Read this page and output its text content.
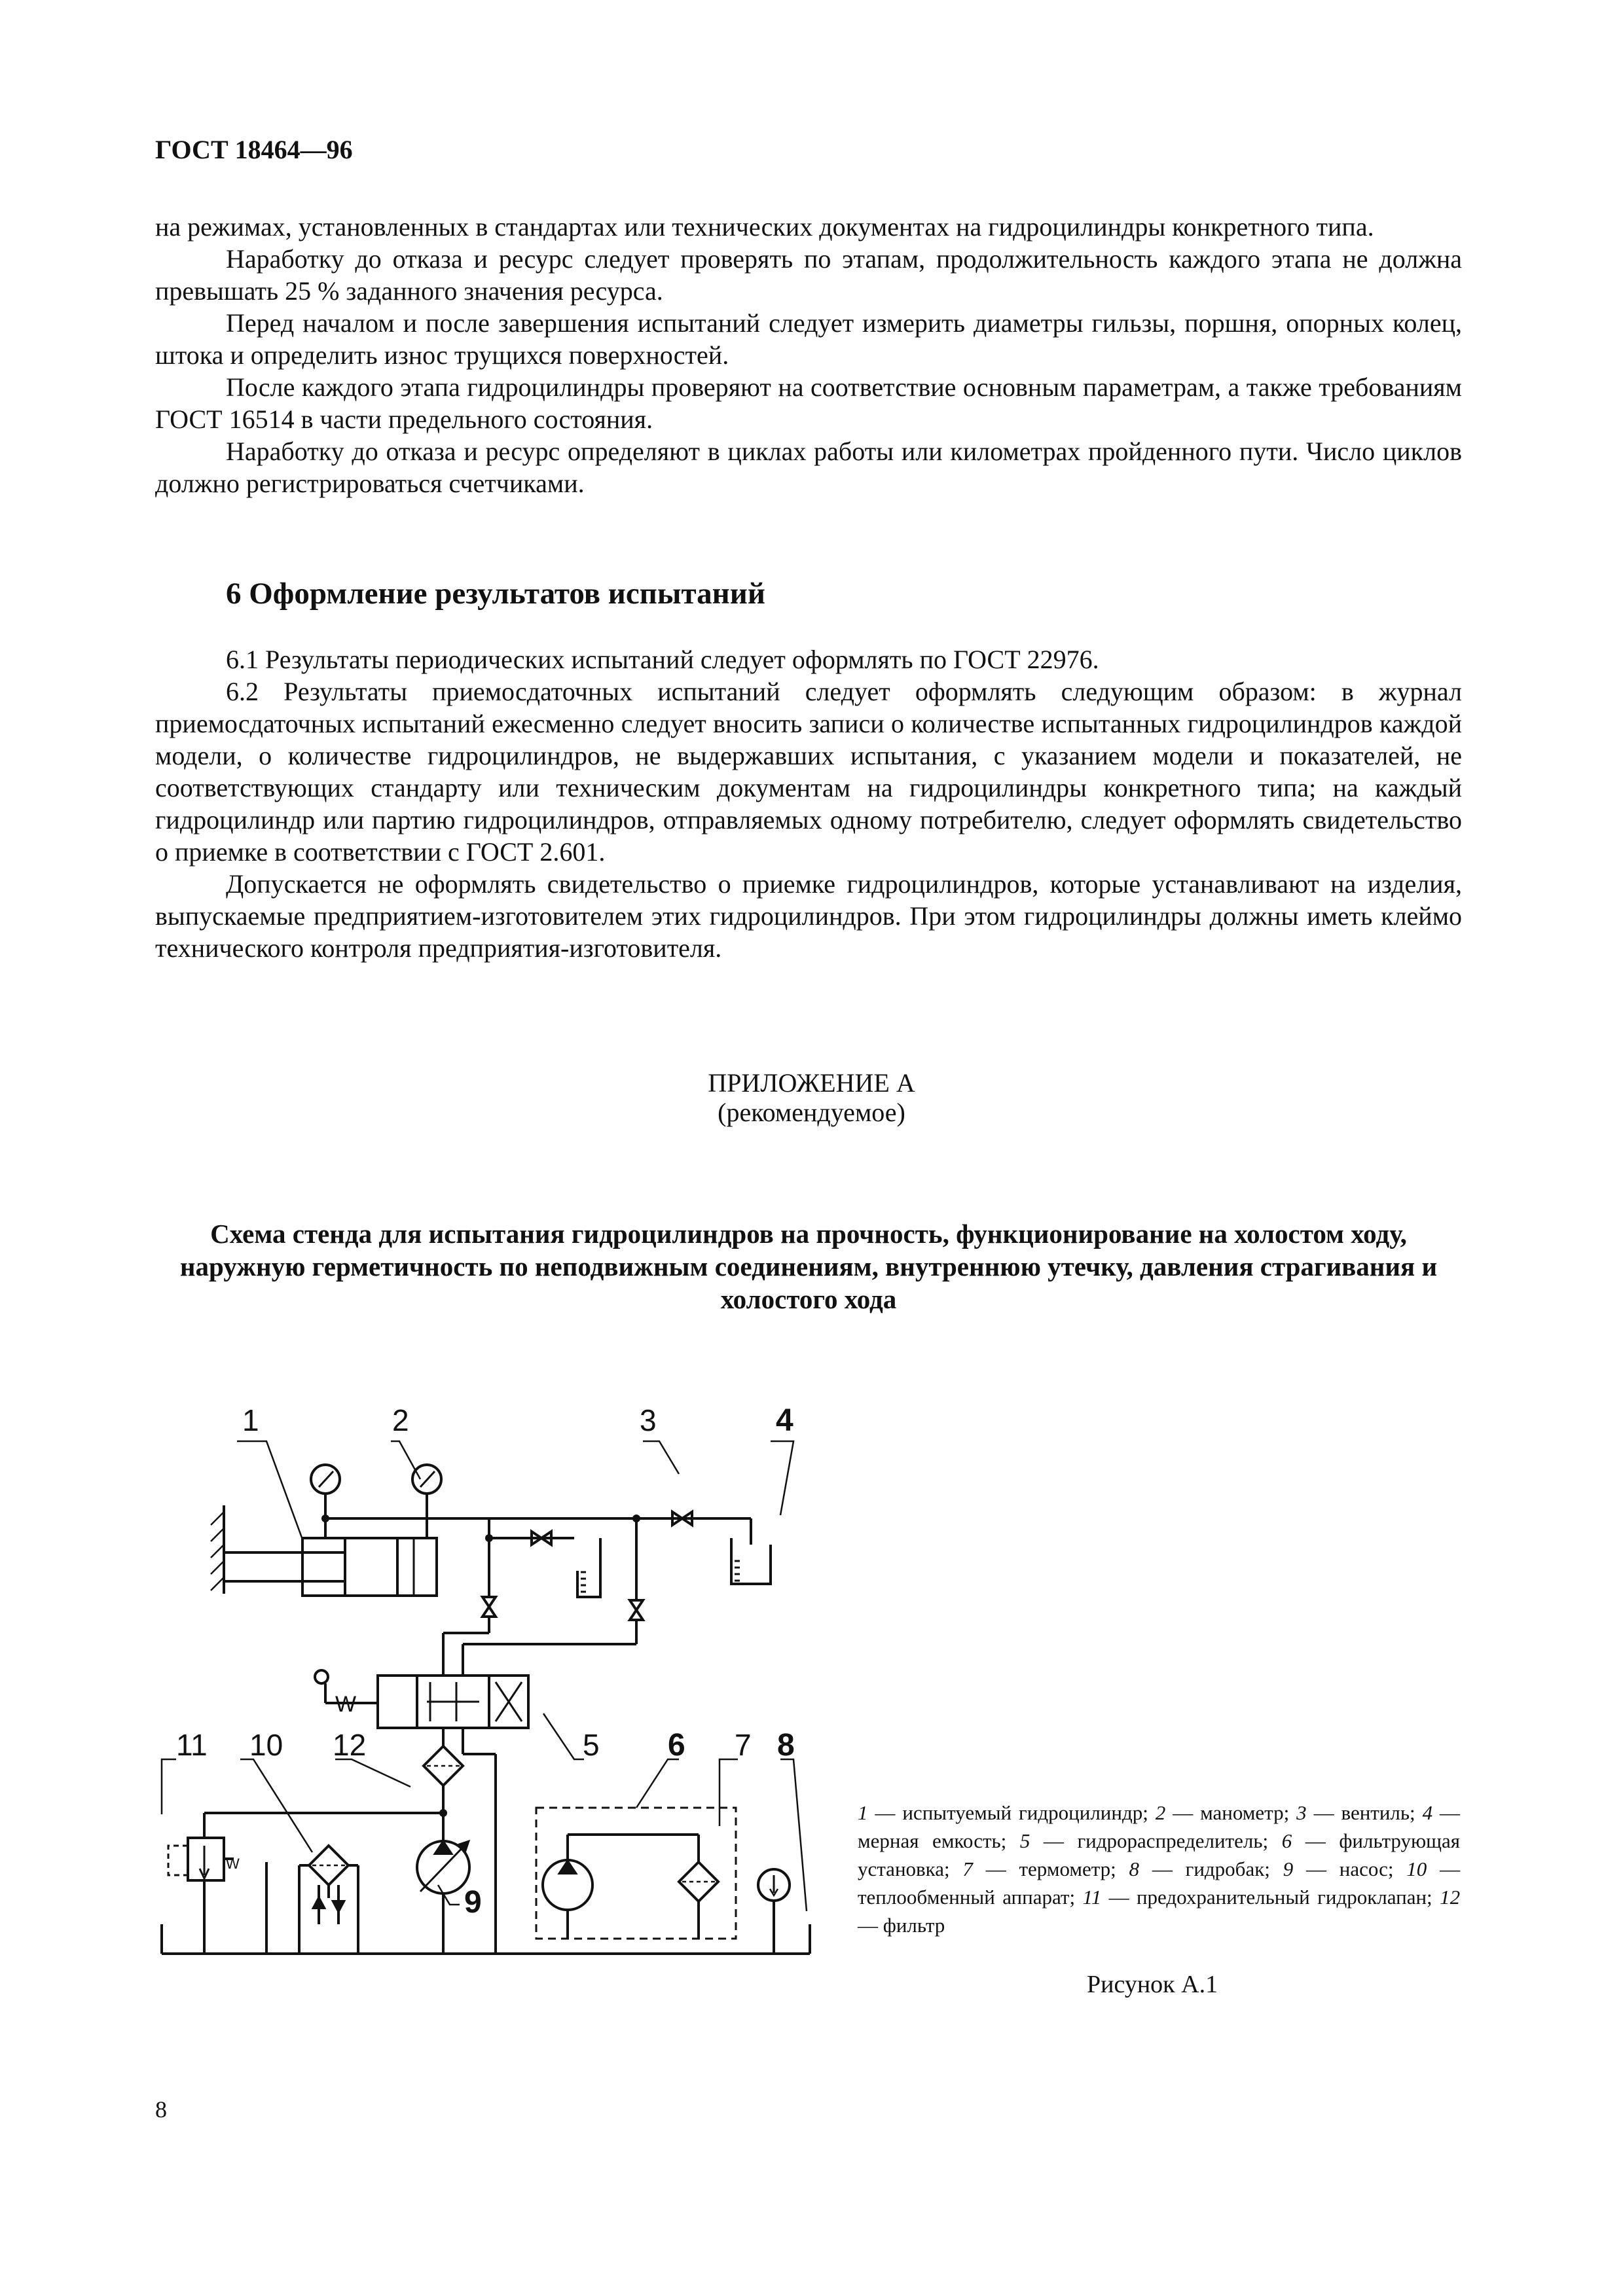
ГОСТ 18464—96

на режимах, установленных в стандартах или технических документах на гидроцилиндры конкретного типа.

Наработку до отказа и ресурс следует проверять по этапам, продолжительность каждого этапа не должна превышать 25 % заданного значения ресурса.

Перед началом и после завершения испытаний следует измерить диаметры гильзы, поршня, опорных колец, штока и определить износ трущихся поверхностей.

После каждого этапа гидроцилиндры проверяют на соответствие основным параметрам, а также требованиям ГОСТ 16514 в части предельного состояния.

Наработку до отказа и ресурс определяют в циклах работы или километрах пройденного пути. Число циклов должно регистрироваться счетчиками.

6 Оформление результатов испытаний

6.1 Результаты периодических испытаний следует оформлять по ГОСТ 22976.

6.2 Результаты приемосдаточных испытаний следует оформлять следующим образом: в журнал приемосдаточных испытаний ежесменно следует вносить записи о количестве испытанных гидроцилиндров каждой модели, о количестве гидроцилиндров, не выдержавших испытания, с указанием модели и показателей, не соответствующих стандарту или техническим документам на гидроцилиндры конкретного типа; на каждый гидроцилиндр или партию гидроцилиндров, отправляемых одному потребителю, следует оформлять свидетельство о приемке в соответствии с ГОСТ 2.601.

Допускается не оформлять свидетельство о приемке гидроцилиндров, которые устанавливают на изделия, выпускаемые предприятием-изготовителем этих гидроцилиндров. При этом гидроцилиндры должны иметь клеймо технического контроля предприятия-изготовителя.

ПРИЛОЖЕНИЕ А
(рекомендуемое)
Схема стенда для испытания гидроцилиндров на прочность, функционирование на холостом ходу, наружную герметичность по неподвижным соединениям, внутреннюю утечку, давления страгивания и холостого хода
1	2	3	4
5 6 7 8
9
10
11	12
W
W
1 — испытуемый гидроцилиндр; 2 — манометр; 3 — вентиль; 4 — мерная емкость; 5 — гидрораспределитель; 6 — фильтрующая установка; 7 — термометр; 8 — гидробак; 9 — насос; 10 — теплообменный аппарат; 11 — предохранительный гидроклапан; 12 — фильтр
Рисунок А.1
8
